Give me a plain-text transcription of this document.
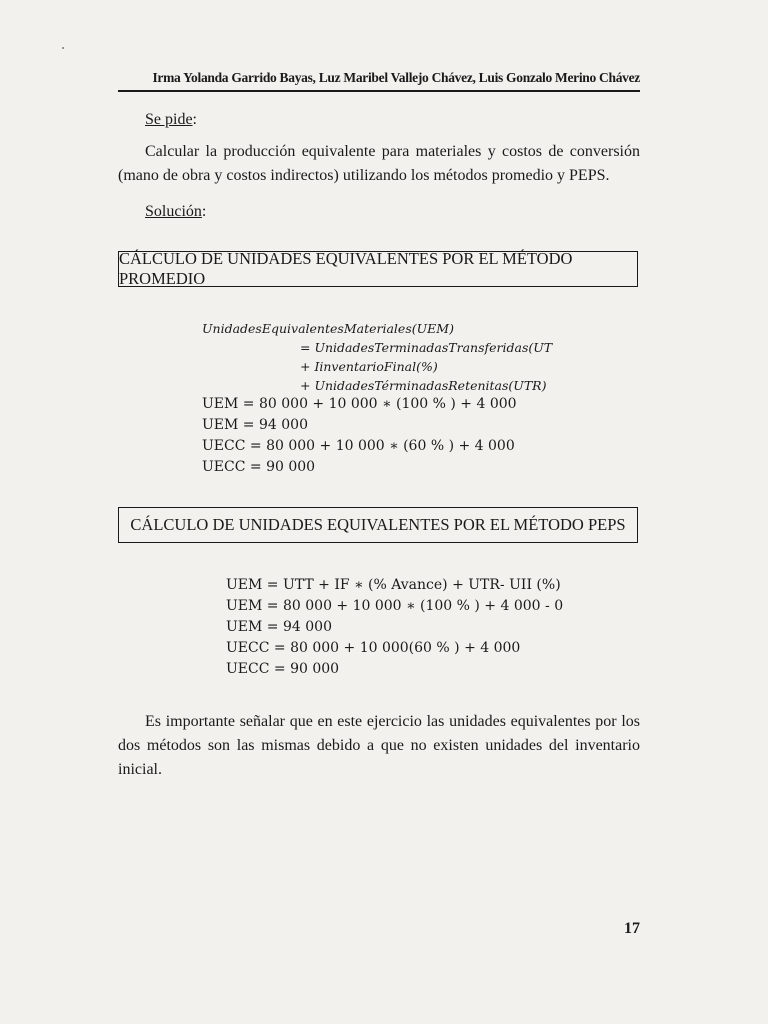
Irma Yolanda Garrido Bayas, Luz Maribel Vallejo Chávez, Luis Gonzalo Merino Chávez
Se pide:
Calcular la producción equivalente para materiales y costos de conversión (mano de obra y costos indirectos) utilizando los métodos promedio y PEPS.
Solución:
CÁLCULO DE UNIDADES EQUIVALENTES POR EL MÉTODO PROMEDIO
UnidadesEquivalentesMateriales(UEM)
= UnidadesTerminadasTransferidas(UT
+ IinventarioFinal(%)
+ UnidadesTérminadasRetenitas(UTR)
UEM = 80 000 + 10 000 ∗ (100 % ) + 4 000
UEM = 94 000
UECC = 80 000 + 10 000 ∗ (60 % ) + 4 000
UECC = 90 000
CÁLCULO DE UNIDADES EQUIVALENTES POR EL MÉTODO PEPS
UEM = UTT + IF ∗ (% Avance) + UTR- UII (%)
UEM = 80 000 + 10 000 ∗ (100 % ) + 4 000 - 0
UEM = 94 000
UECC = 80 000 + 10 000(60 % ) + 4 000
UECC = 90 000
Es importante señalar que en este ejercicio las unidades equivalentes por los dos métodos son las mismas debido a que no existen unidades del inventario inicial.
17
